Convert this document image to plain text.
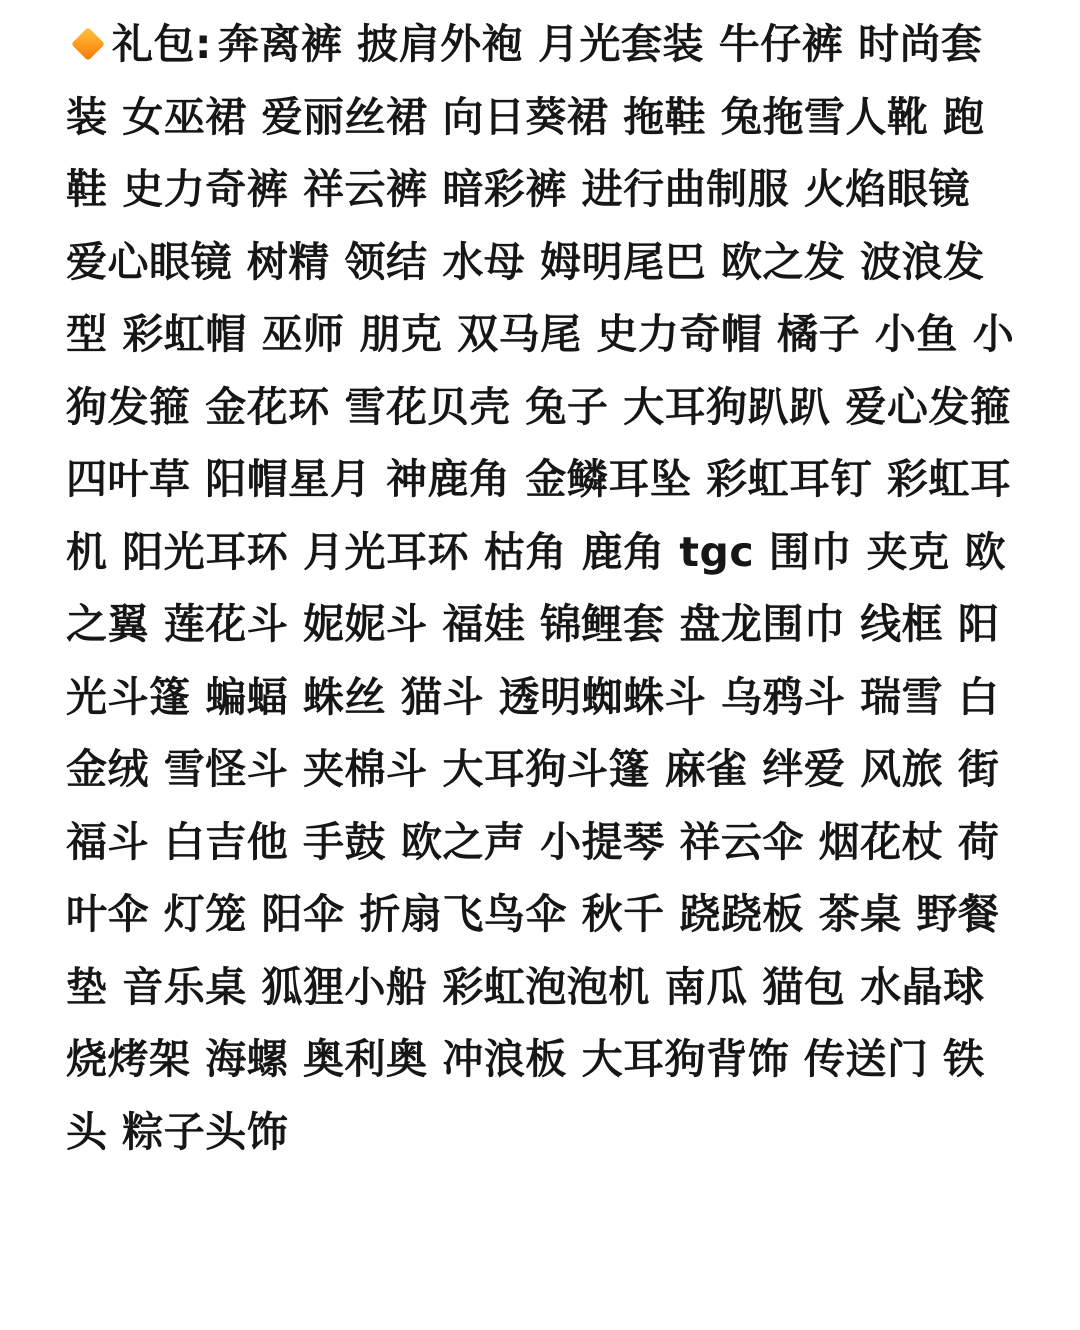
礼包: 奔离裤 披肩外袍 月光套装 牛仔裤 时尚套装 女巫裙 爱丽丝裙 向日葵裙 拖鞋 兔拖雪人靴 跑鞋 史力奇裤 祥云裤 暗彩裤 进行曲制服 火焰眼镜 爱心眼镜 树精 领结 水母 姆明尾巴 欧之发 波浪发型 彩虹帽 巫师 朋克 双马尾 史力奇帽 橘子 小鱼 小狗发箍 金花环 雪花贝壳 兔子 大耳狗趴趴 爱心发箍 四叶草 阳帽星月 神鹿角 金鳞耳坠 彩虹耳钉 彩虹耳机 阳光耳环 月光耳环 枯角 鹿角 tgc 围巾 夹克 欧之翼 莲花斗 妮妮斗 福娃 锦鲤套 盘龙围巾 线框 阳光斗篷 蝙蝠 蛛丝 猫斗 透明蜘蛛斗 乌鸦斗 瑞雪 白金绒 雪怪斗 夹棉斗 大耳狗斗篷 麻雀 绊爱 风旅 街福斗 白吉他 手鼓 欧之声 小提琴 祥云伞 烟花杖 荷叶伞 灯笼 阳伞 折扇飞鸟伞 秋千 跷跷板 茶桌 野餐垫 音乐桌 狐狸小船 彩虹泡泡机 南瓜 猫包 水晶球 烧烤架 海螺 奥利奥 冲浪板 大耳狗背饰 传送门 铁头 粽子头饰
